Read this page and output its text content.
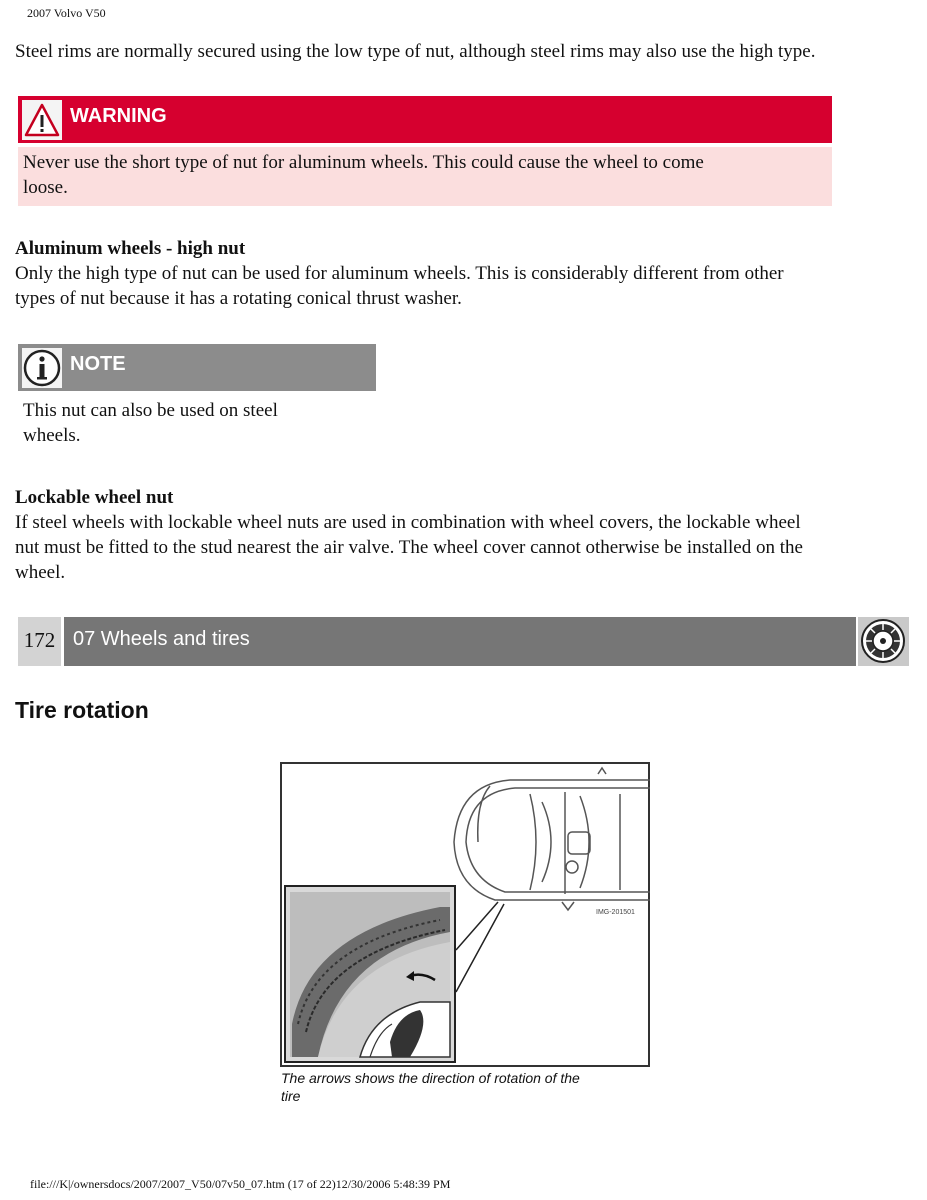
2007 Volvo V50
Steel rims are normally secured using the low type of nut, although steel rims may also use the high type.
WARNING
Never use the short type of nut for aluminum wheels. This could cause the wheel to come
loose.
Aluminum wheels - high nut
Only the high type of nut can be used for aluminum wheels. This is considerably different from other
types of nut because it has a rotating conical thrust washer.
NOTE
This nut can also be used on steel
wheels.
Lockable wheel nut
If steel wheels with lockable wheel nuts are used in combination with wheel covers, the lockable wheel
nut must be fitted to the stud nearest the air valve. The wheel cover cannot otherwise be installed on the
wheel.
172 07 Wheels and tires
Tire rotation
IMG-201501
The arrows shows the direction of rotation of the
tire
file:///K|/ownersdocs/2007/2007_V50/07v50_07.htm (17 of 22)12/30/2006 5:48:39 PM
